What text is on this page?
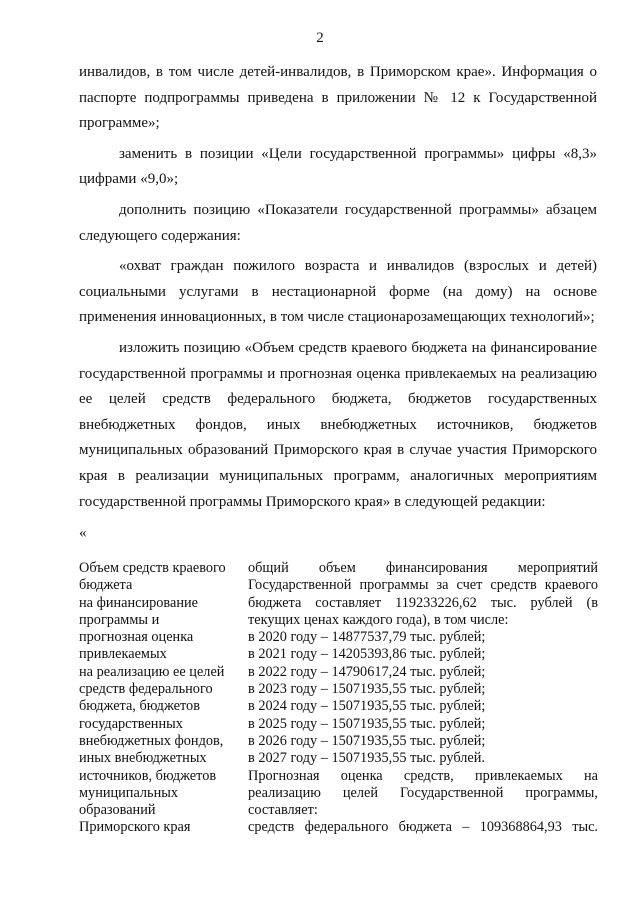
2

инвалидов, в том числе детей-инвалидов, в Приморском крае». Информация о паспорте подпрограммы приведена в приложении № 12 к Государственной программе»;

заменить в позиции «Цели государственной программы» цифры «8,3» цифрами «9,0»;

дополнить позицию «Показатели государственной программы» абзацем следующего содержания:

«охват граждан пожилого возраста и инвалидов (взрослых и детей) социальными услугами в нестационарной форме (на дому) на основе применения инновационных, в том числе стационарозамещающих технологий»;

изложить позицию «Объем средств краевого бюджета на финансирование государственной программы и прогнозная оценка привлекаемых на реализацию ее целей средств федерального бюджета, бюджетов государственных внебюджетных фондов, иных внебюджетных источников, бюджетов муниципальных образований Приморского края в случае участия Приморского края в реализации муниципальных программ, аналогичных мероприятиям государственной программы Приморского края» в следующей редакции:

«
Объем средств краевого
бюджета
на финансирование
программы и
прогнозная оценка
привлекаемых
на реализацию ее целей
средств федерального
бюджета, бюджетов
государственных
внебюджетных фондов,
иных внебюджетных
источников, бюджетов
муниципальных
образований
Приморского края

общий объем финансирования мероприятий Государственной программы за счет средств краевого бюджета составляет 119233226,62 тыс. рублей (в текущих ценах каждого года), в том числе:

в 2020 году – 14877537,79 тыс. рублей;
в 2021 году – 14205393,86 тыс. рублей;
в 2022 году – 14790617,24 тыс. рублей;
в 2023 году – 15071935,55 тыс. рублей;
в 2024 году – 15071935,55 тыс. рублей;
в 2025 году – 15071935,55 тыс. рублей;
в 2026 году – 15071935,55 тыс. рублей;
в 2027 году – 15071935,55 тыс. рублей.

Прогнозная оценка средств, привлекаемых на реализацию целей Государственной программы, составляет:

средств федерального бюджета – 109368864,93 тыс.
